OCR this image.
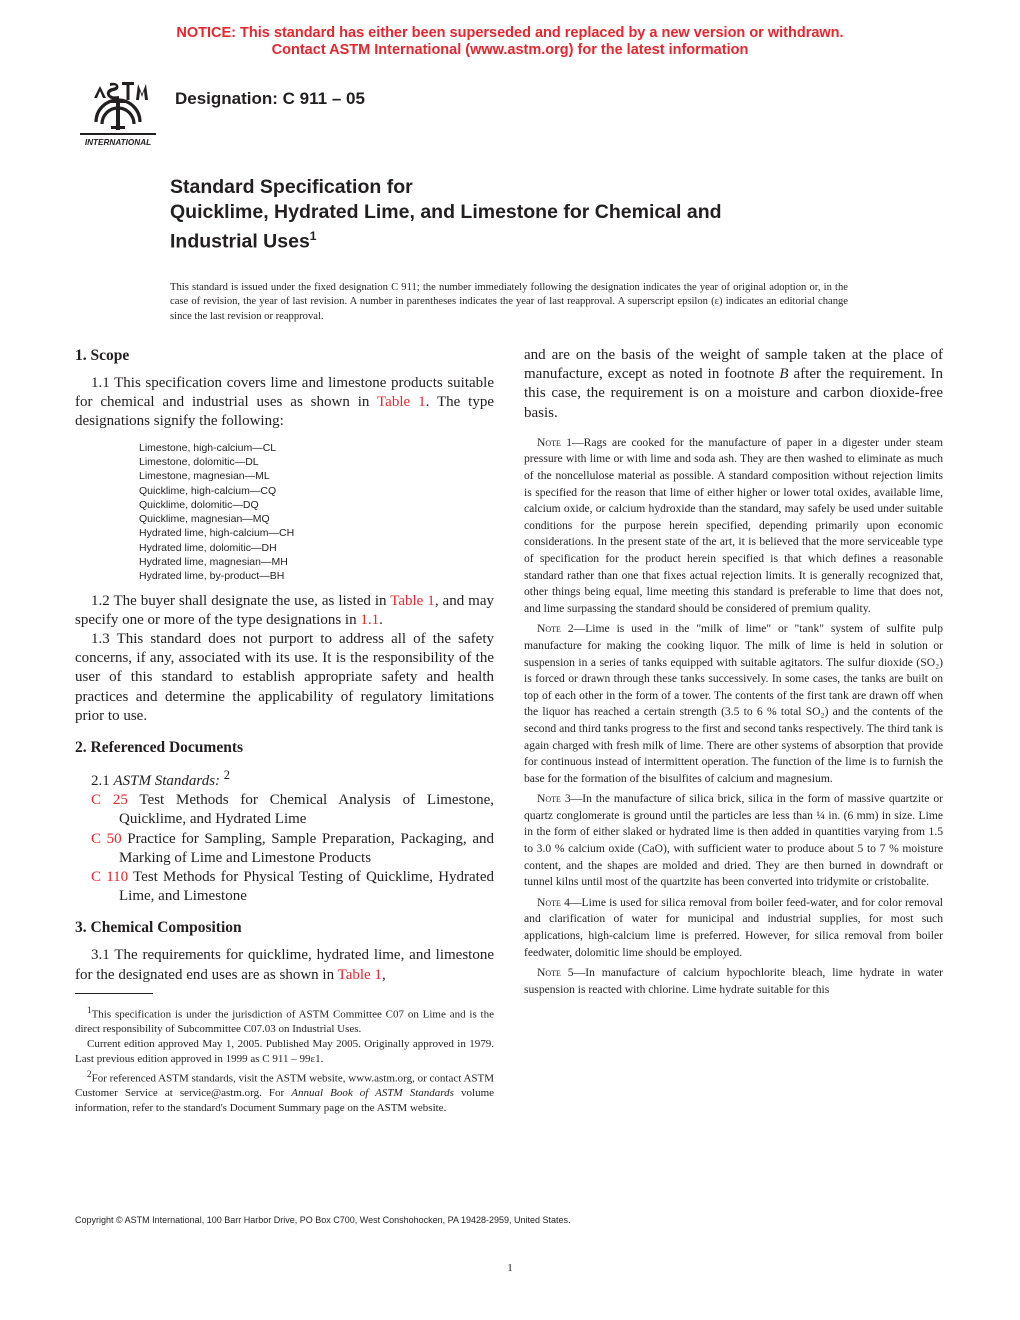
NOTICE: This standard has either been superseded and replaced by a new version or withdrawn.
Contact ASTM International (www.astm.org) for the latest information
INTERNATIONAL
Designation: C 911 – 05
Standard Specification for
Quicklime, Hydrated Lime, and Limestone for Chemical and
Industrial Uses$^1$

This standard is issued under the fixed designation C 911; the number immediately following the designation indicates the year of original adoption or, in the case of revision, the year of last revision. A number in parentheses indicates the year of last reapproval. A superscript epsilon (ε) indicates an editorial change since the last revision or reapproval.

1. Scope

1.1 This specification covers lime and limestone products suitable for chemical and industrial uses as shown in Table 1. The type designations signify the following:

Limestone, high-calcium—CL
Limestone, dolomitic—DL
Limestone, magnesian—ML
Quicklime, high-calcium—CQ
Quicklime, dolomitic—DQ
Quicklime, magnesian—MQ
Hydrated lime, high-calcium—CH
Hydrated lime, dolomitic—DH
Hydrated lime, magnesian—MH
Hydrated lime, by-product—BH

1.2 The buyer shall designate the use, as listed in Table 1, and may specify one or more of the type designations in 1.1.

1.3 This standard does not purport to address all of the safety concerns, if any, associated with its use. It is the responsibility of the user of this standard to establish appropriate safety and health practices and determine the applicability of regulatory limitations prior to use.

2. Referenced Documents

2.1 ASTM Standards: $^2$

C 25 Test Methods for Chemical Analysis of Limestone, Quicklime, and Hydrated Lime
C 50 Practice for Sampling, Sample Preparation, Packaging, and Marking of Lime and Limestone Products
C 110 Test Methods for Physical Testing of Quicklime, Hydrated Lime, and Limestone
3. Chemical Composition

3.1 The requirements for quicklime, hydrated lime, and limestone for the designated end uses are as shown in Table 1,

and are on the basis of the weight of sample taken at the place of manufacture, except as noted in footnote B after the requirement. In this case, the requirement is on a moisture and carbon dioxide-free basis.

Note 1—Rags are cooked for the manufacture of paper in a digester under steam pressure with lime or with lime and soda ash. They are then washed to eliminate as much of the noncellulose material as possible. A standard composition without rejection limits is specified for the reason that lime of either higher or lower total oxides, available lime, calcium oxide, or calcium hydroxide than the standard, may safely be used under suitable conditions for the purpose herein specified, depending primarily upon economic considerations. In the present state of the art, it is believed that the more serviceable type of specification for the product herein specified is that which defines a reasonable standard rather than one that fixes actual rejection limits. It is generally recognized that, other things being equal, lime meeting this standard is preferable to lime that does not, and lime surpassing the standard should be considered of premium quality.

Note 2—Lime is used in the "milk of lime" or "tank" system of sulfite pulp manufacture for making the cooking liquor. The milk of lime is held in solution or suspension in a series of tanks equipped with suitable agitators. The sulfur dioxide (SO₂) is forced or drawn through these tanks successively. In some cases, the tanks are built on top of each other in the form of a tower. The contents of the first tank are drawn off when the liquor has reached a certain strength (3.5 to 6 % total SO₂) and the contents of the second and third tanks progress to the first and second tanks respectively. The third tank is again charged with fresh milk of lime. There are other systems of absorption that provide for continuous instead of intermittent operation. The function of the lime is to furnish the base for the formation of the bisulfites of calcium and magnesium.

Note 3—In the manufacture of silica brick, silica in the form of massive quartzite or quartz conglomerate is ground until the particles are less than ¼ in. (6 mm) in size. Lime in the form of either slaked or hydrated lime is then added in quantities varying from 1.5 to 3.0 % calcium oxide (CaO), with sufficient water to produce about 5 to 7 % moisture content, and the shapes are molded and dried. They are then burned in downdraft or tunnel kilns until most of the quartzite has been converted into tridymite or cristobalite.

Note 4—Lime is used for silica removal from boiler feed-water, and for color removal and clarification of water for municipal and industrial supplies, for most such applications, high-calcium lime is preferred. However, for silica removal from boiler feedwater, dolomitic lime should be employed.

Note 5—In manufacture of calcium hypochlorite bleach, lime hydrate in water suspension is reacted with chlorine. Lime hydrate suitable for this

$^1$This specification is under the jurisdiction of ASTM Committee C07 on Lime and is the direct responsibility of Subcommittee C07.03 on Industrial Uses.

Current edition approved May 1, 2005. Published May 2005. Originally approved in 1979. Last previous edition approved in 1999 as C 911 – 99ε1.

$^2$For referenced ASTM standards, visit the ASTM website, www.astm.org, or contact ASTM Customer Service at service@astm.org. For Annual Book of ASTM Standards volume information, refer to the standard's Document Summary page on the ASTM website.

Copyright © ASTM International, 100 Barr Harbor Drive, PO Box C700, West Conshohocken, PA 19428-2959, United States.
1
